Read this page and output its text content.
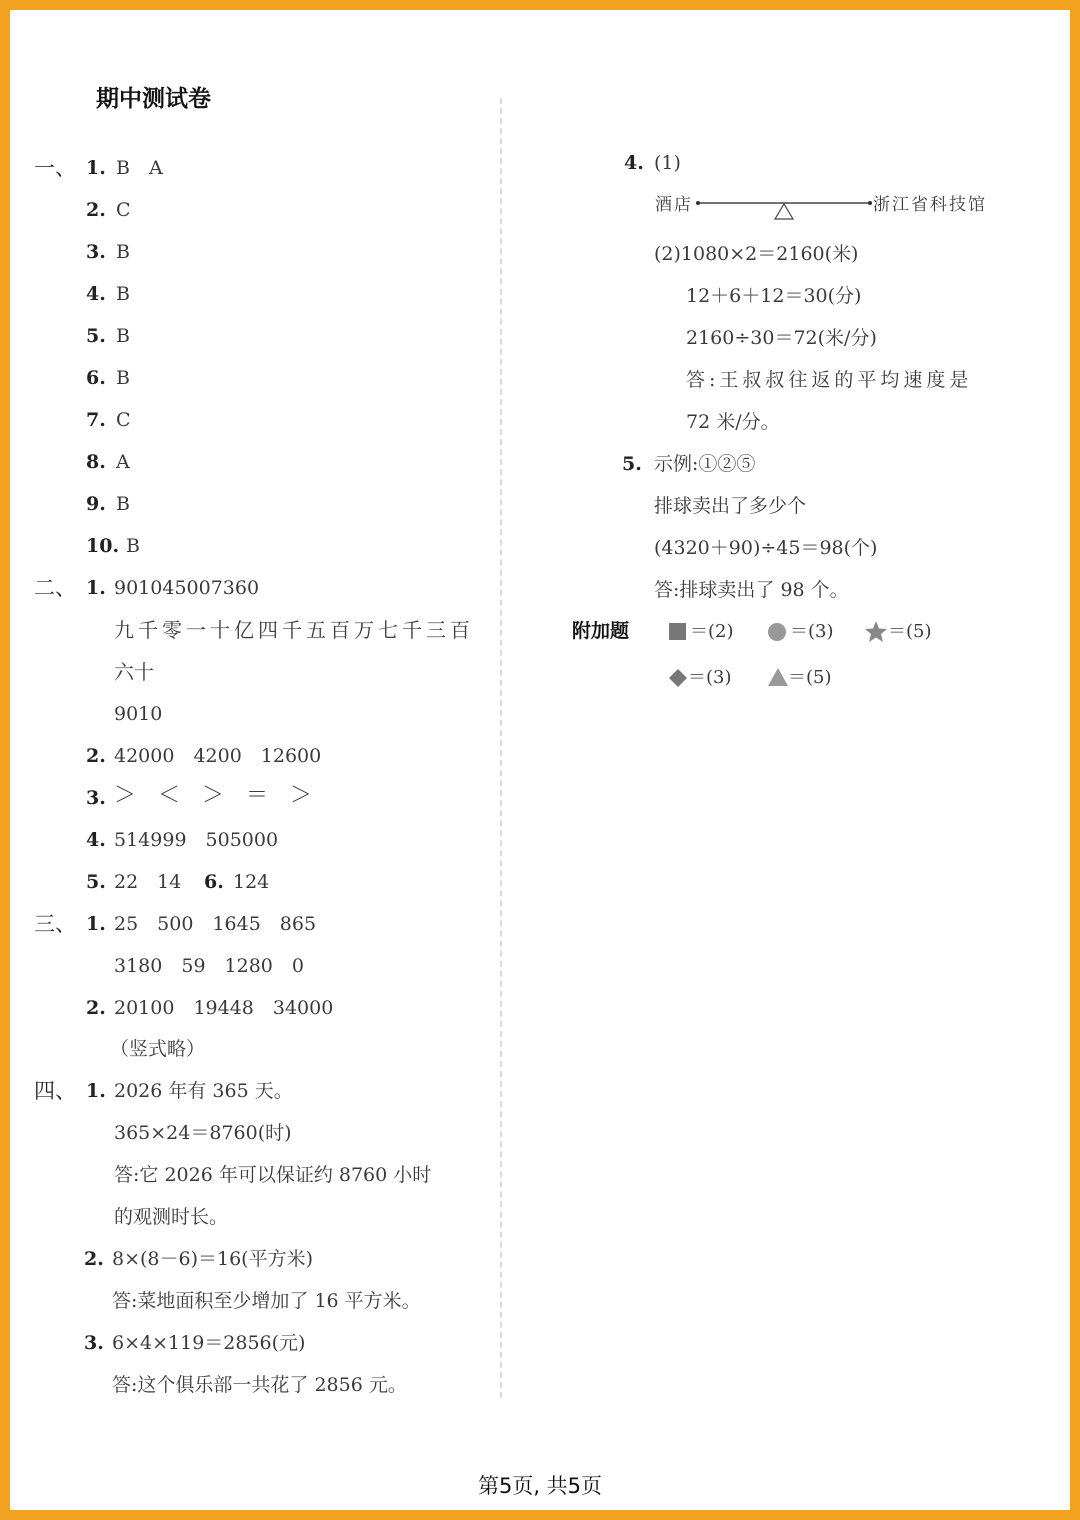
期中测试卷
一、 1. B　A
2. C
3. B
4. B
5. B
6. B
7. C
8. A
9. B
10. B
二、 1. 901045007360
九千零一十亿四千五百万七千三百
六十
9010
2. 42000　4200　12600
3. ＞　＜　＞　＝　＞
4. 514999　505000
5. 22　14 6. 124
三、 1. 25　500　1645　865
3180　59　1280　0
2. 20100　19448　34000
（竖式略）
四、 1. 2026 年有 365 天。
365×24＝8760(时)
答:它 2026 年可以保证约 8760 小时
的观测时长。
2. 8×(8－6)＝16(平方米)
答:菜地面积至少增加了 16 平方米。
3. 6×4×119＝2856(元)
答:这个俱乐部一共花了 2856 元。
4. (1)
酒店	浙江省科技馆
(2)1080×2＝2160(米)
12＋6＋12＝30(分)
2160÷30＝72(米/分)
答:王叔叔往返的平均速度是
72 米/分。
5. 示例:①②⑤
排球卖出了多少个
(4320＋90)÷45＝98(个)
答:排球卖出了 98 个。
附加题	＝(2)	＝(3)	＝(5)
＝(3)	＝(5)
第5页, 共5页
